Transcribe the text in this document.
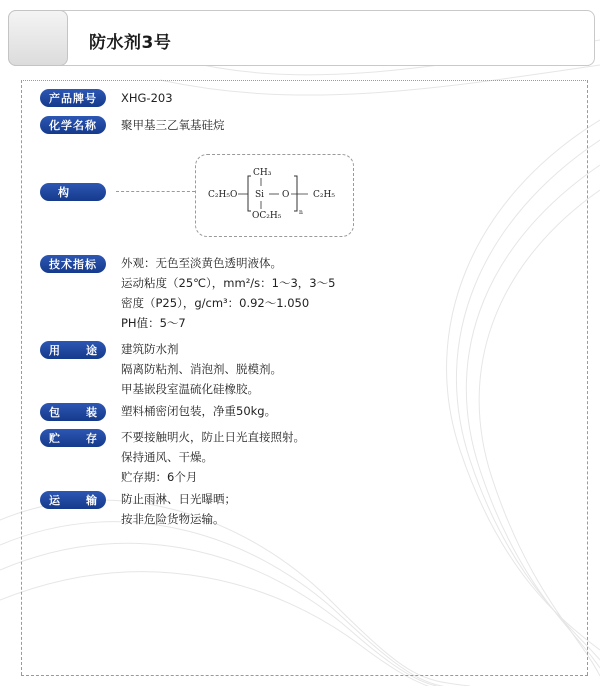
防水剂3号
产品牌号	XHG-203
化学名称	聚甲基三乙氧基硅烷
结构式
C₂H₅O
CH₃
Si O
OC₂H₅	n
C₂H₅
技术指标	外观：无色至淡黄色透明液体。
运动粘度（25℃），mm²/s：1～3，3～5
密度（P25），g/cm³：0.92～1.050
PH值：5～7
用 途 建筑防水剂
隔离防粘剂、消泡剂、脱模剂。
甲基嵌段室温硫化硅橡胶。
包 装 塑料桶密闭包装，净重50kg。
贮 存 不要接触明火，防止日光直接照射。
保持通风、干燥。
贮存期：6个月
运 输 防止雨淋、日光曝晒；
按非危险货物运输。
